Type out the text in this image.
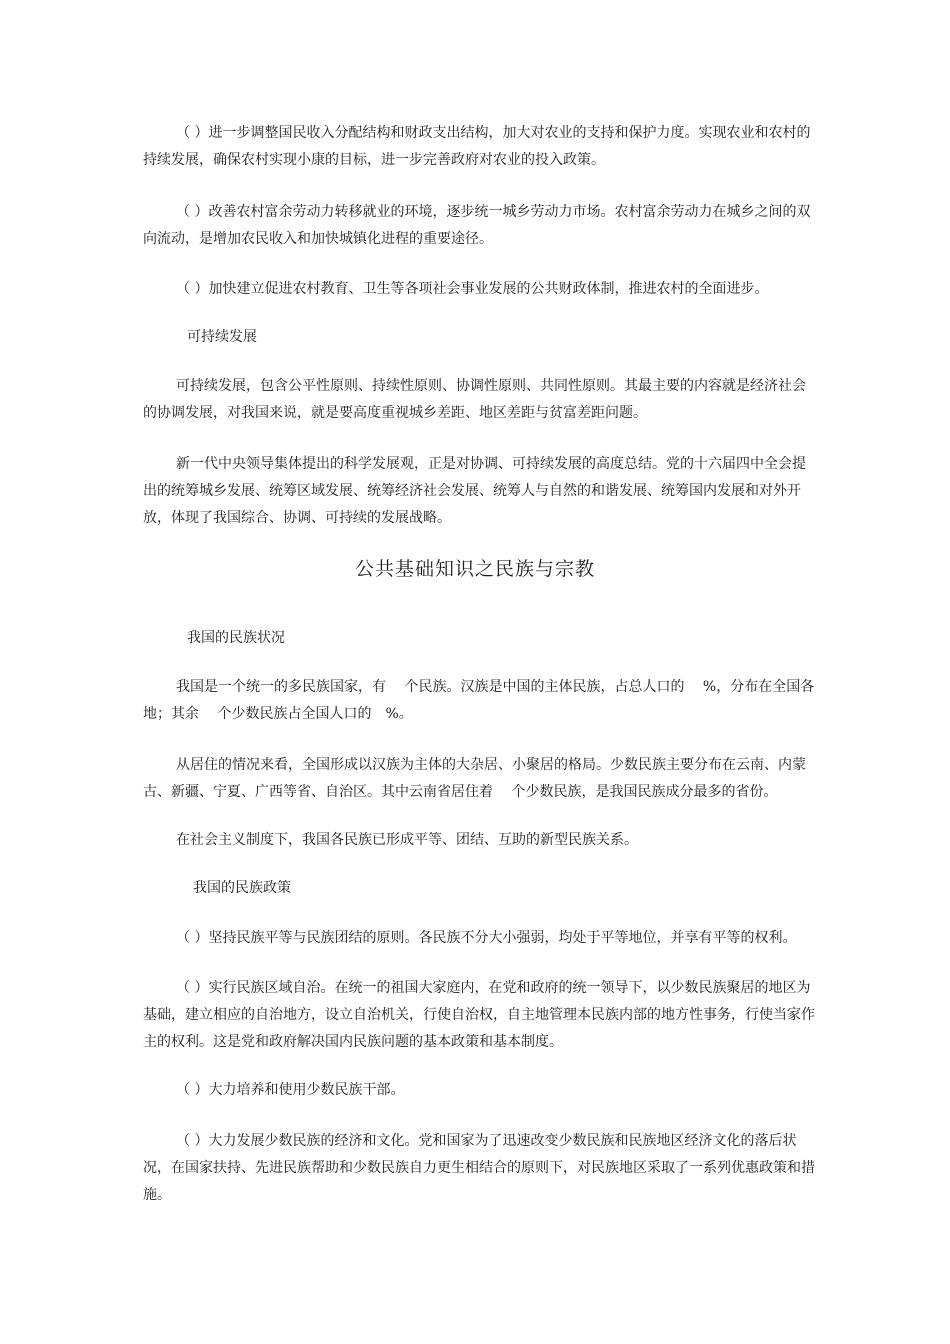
（ ）进一步调整国民收入分配结构和财政支出结构，加大对农业的支持和保护力度。实现农业和农村的持续发展，确保农村实现小康的目标，进一步完善政府对农业的投入政策。

（ ）改善农村富余劳动力转移就业的环境，逐步统一城乡劳动力市场。农村富余劳动力在城乡之间的双向流动，是增加农民收入和加快城镇化进程的重要途径。

（ ）加快建立促进农村教育、卫生等各项社会事业发展的公共财政体制，推进农村的全面进步。

可持续发展

可持续发展，包含公平性原则、持续性原则、协调性原则、共同性原则。其最主要的内容就是经济社会的协调发展，对我国来说，就是要高度重视城乡差距、地区差距与贫富差距问题。

新一代中央领导集体提出的科学发展观，正是对协调、可持续发展的高度总结。党的十六届四中全会提出的统筹城乡发展、统筹区域发展、统筹经济社会发展、统筹人与自然的和谐发展、统筹国内发展和对外开放，体现了我国综合、协调、可持续的发展战略。

公共基础知识之民族与宗教

我国的民族状况

我国是一个统一的多民族国家，有　 个民族。汉族是中国的主体民族，占总人口的　 %，分布在全国各地；其余　 个少数民族占全国人口的　%。

从居住的情况来看，全国形成以汉族为主体的大杂居、小聚居的格局。少数民族主要分布在云南、内蒙古、新疆、宁夏、广西等省、自治区。其中云南省居住着　 个少数民族，是我国民族成分最多的省份。

在社会主义制度下，我国各民族已形成平等、团结、互助的新型民族关系。

我国的民族政策

（ ）坚持民族平等与民族团结的原则。各民族不分大小强弱，均处于平等地位，并享有平等的权利。

（ ）实行民族区域自治。在统一的祖国大家庭内，在党和政府的统一领导下，以少数民族聚居的地区为基础，建立相应的自治地方，设立自治机关，行使自治权，自主地管理本民族内部的地方性事务，行使当家作主的权利。这是党和政府解决国内民族问题的基本政策和基本制度。

（ ）大力培养和使用少数民族干部。

（ ）大力发展少数民族的经济和文化。党和国家为了迅速改变少数民族和民族地区经济文化的落后状况，在国家扶持、先进民族帮助和少数民族自力更生相结合的原则下，对民族地区采取了一系列优惠政策和措施。
